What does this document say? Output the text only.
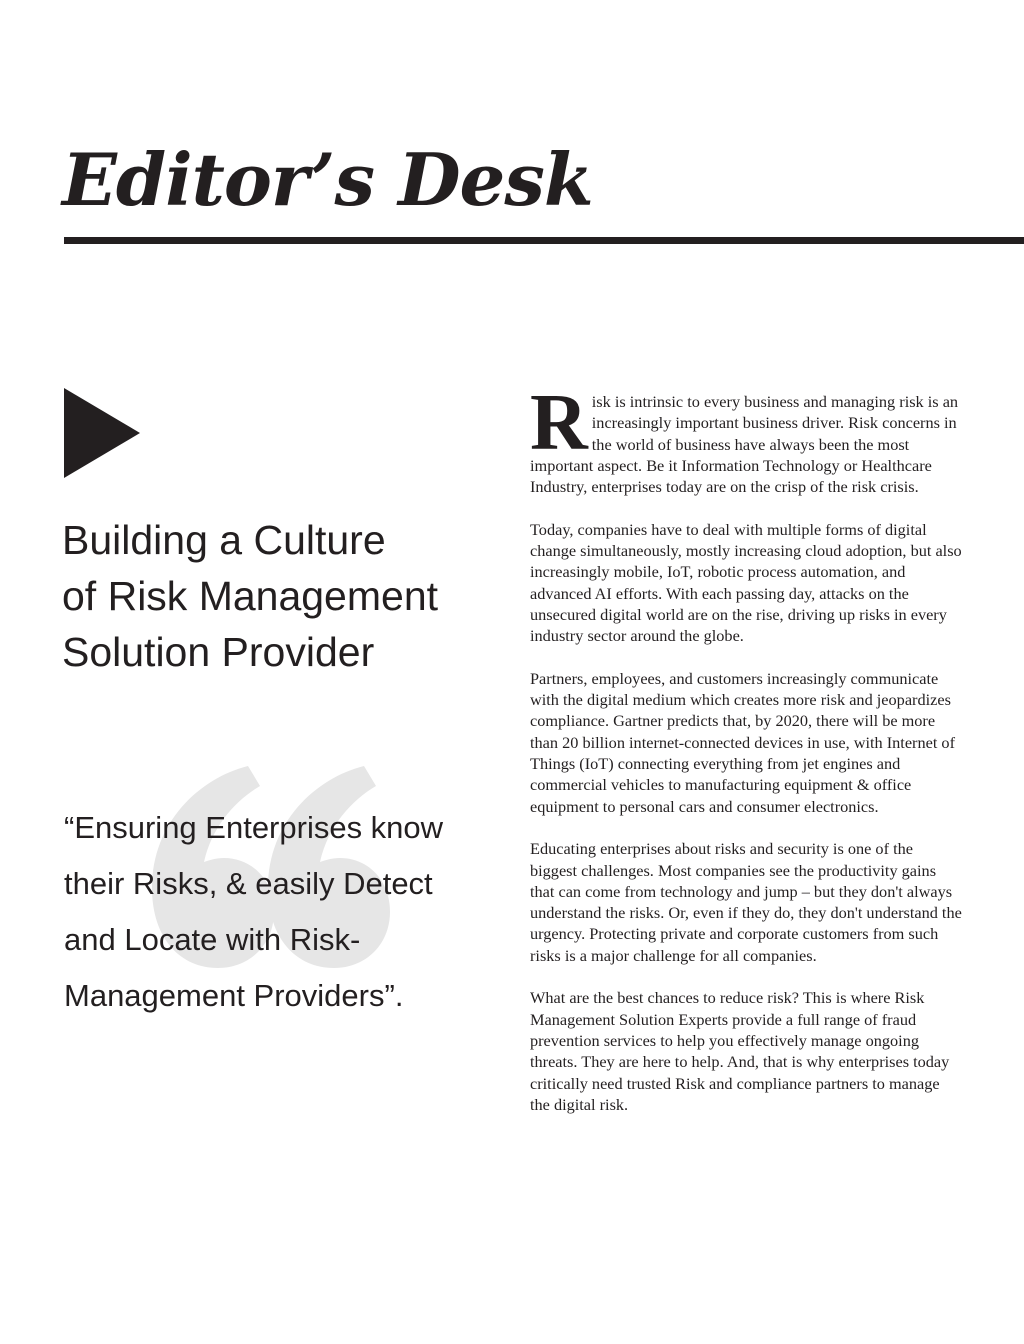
Editor’s Desk
Building a Culture
of Risk Management
Solution Provider
“Ensuring Enterprises know
their Risks, & easily Detect
and Locate with Risk-
Management Providers”.

Risk is intrinsic to every business and managing risk is an increasingly important business driver. Risk concerns in the world of business have always been the most important aspect. Be it Information Technology or Healthcare Industry, enterprises today are on the crisp of the risk crisis.

Today, companies have to deal with multiple forms of digital change simultaneously, mostly increasing cloud adoption, but also increasingly mobile, IoT, robotic process automation, and advanced AI efforts. With each passing day, attacks on the unsecured digital world are on the rise, driving up risks in every industry sector around the globe.

Partners, employees, and customers increasingly communicate with the digital medium which creates more risk and jeopardizes compliance. Gartner predicts that, by 2020, there will be more than 20 billion internet-connected devices in use, with Internet of Things (IoT) connecting everything from jet engines and commercial vehicles to manufacturing equipment & office equipment to personal cars and consumer electronics.

Educating enterprises about risks and security is one of the biggest challenges. Most companies see the productivity gains that can come from technology and jump – but they don't always understand the risks. Or, even if they do, they don't understand the urgency. Protecting private and corporate customers from such risks is a major challenge for all companies.

What are the best chances to reduce risk? This is where Risk Management Solution Experts provide a full range of fraud prevention services to help you effectively manage ongoing threats. They are here to help. And, that is why enterprises today critically need trusted Risk and compliance partners to manage the digital risk.
